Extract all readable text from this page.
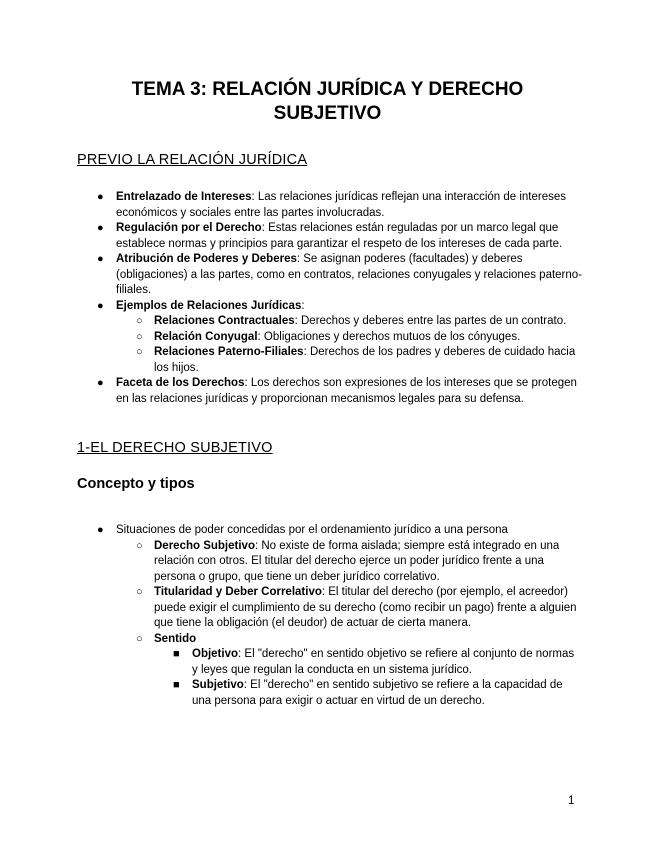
TEMA 3: RELACIÓN JURÍDICA Y DERECHO
SUBJETIVO
PREVIO LA RELACIÓN JURÍDICA
● Entrelazado de Intereses: Las relaciones jurídicas reflejan una interacción de intereses económicos y sociales entre las partes involucradas.
● Regulación por el Derecho: Estas relaciones están reguladas por un marco legal que establece normas y principios para garantizar el respeto de los intereses de cada parte.
● Atribución de Poderes y Deberes: Se asignan poderes (facultades) y deberes (obligaciones) a las partes, como en contratos, relaciones conyugales y relaciones paterno-filiales.
● Ejemplos de Relaciones Jurídicas:
○ Relaciones Contractuales: Derechos y deberes entre las partes de un contrato.
○ Relación Conyugal: Obligaciones y derechos mutuos de los cónyuges.
○ Relaciones Paterno-Filiales: Derechos de los padres y deberes de cuidado hacia los hijos.
● Faceta de los Derechos: Los derechos son expresiones de los intereses que se protegen en las relaciones jurídicas y proporcionan mecanismos legales para su defensa.
1-EL DERECHO SUBJETIVO
Concepto y tipos
● Situaciones de poder concedidas por el ordenamiento jurídico a una persona
○ Derecho Subjetivo: No existe de forma aislada; siempre está integrado en una relación con otros. El titular del derecho ejerce un poder jurídico frente a una persona o grupo, que tiene un deber jurídico correlativo.
○ Titularidad y Deber Correlativo: El titular del derecho (por ejemplo, el acreedor) puede exigir el cumplimiento de su derecho (como recibir un pago) frente a alguien que tiene la obligación (el deudor) de actuar de cierta manera.
○ Sentido
■ Objetivo: El "derecho" en sentido objetivo se refiere al conjunto de normas y leyes que regulan la conducta en un sistema jurídico.
■ Subjetivo: El "derecho" en sentido subjetivo se refiere a la capacidad de una persona para exigir o actuar en virtud de un derecho.
1
